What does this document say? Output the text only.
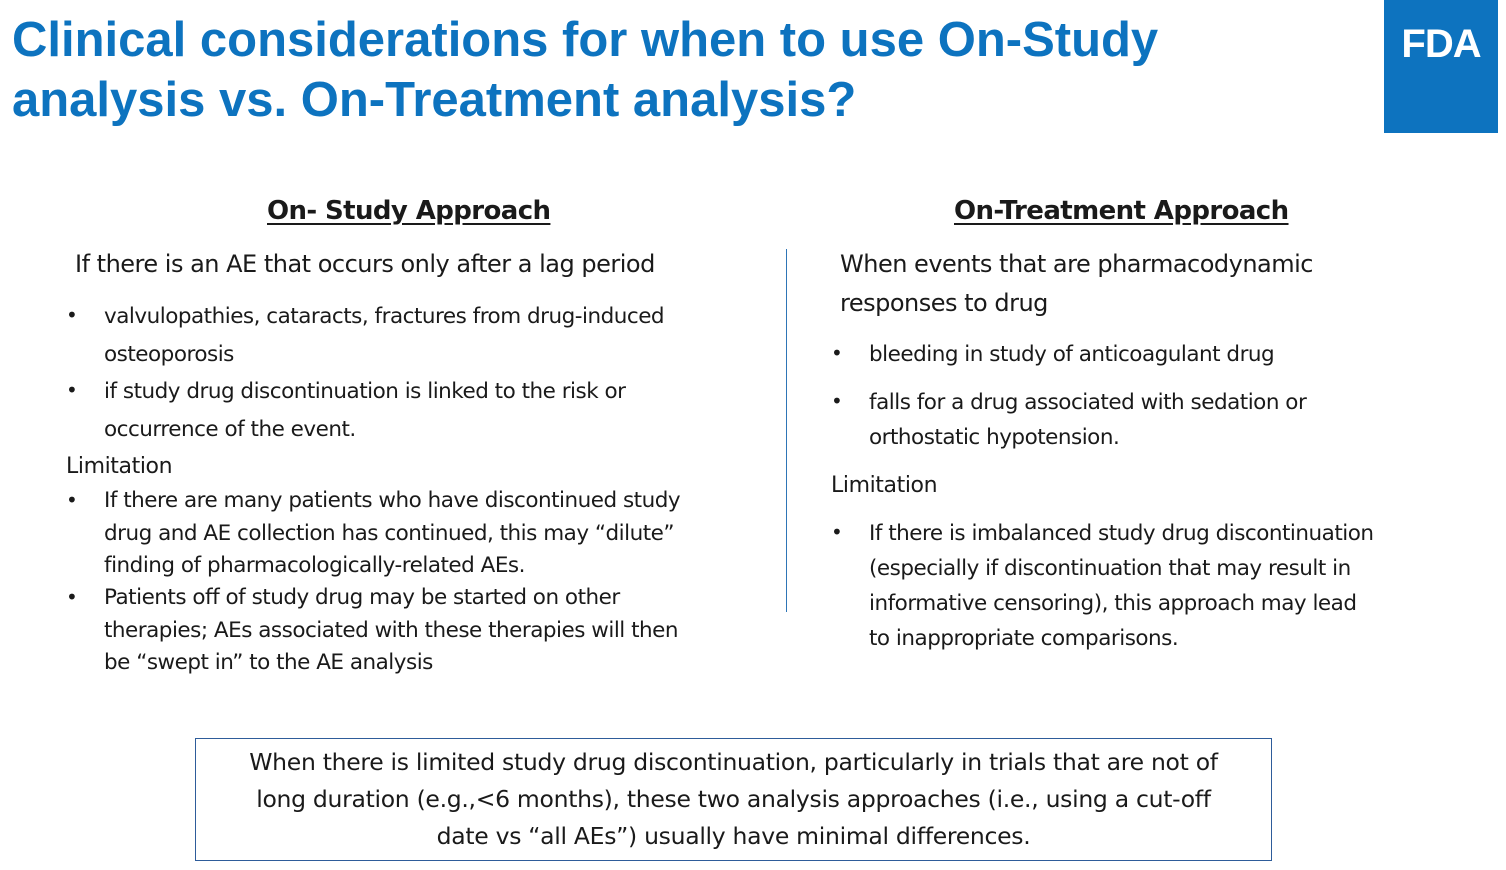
Clinical considerations for when to use On-Study
analysis vs. On-Treatment analysis?
FDA
On- Study Approach

If there is an AE that occurs only after a lag period

• valvulopathies, cataracts, fractures from drug-induced
osteoporosis
• if study drug discontinuation is linked to the risk or
occurrence of the event.

Limitation

• If there are many patients who have discontinued study
drug and AE collection has continued, this may “dilute”
finding of pharmacologically-related AEs.
• Patients off of study drug may be started on other
therapies; AEs associated with these therapies will then
be “swept in” to the AE analysis
On-Treatment Approach

When events that are pharmacodynamic
responses to drug

• bleeding in study of anticoagulant drug
• falls for a drug associated with sedation or
orthostatic hypotension.

Limitation

• If there is imbalanced study drug discontinuation
(especially if discontinuation that may result in
informative censoring), this approach may lead
to inappropriate comparisons.
When there is limited study drug discontinuation, particularly in trials that are not of
long duration (e.g.,<6 months), these two analysis approaches (i.e., using a cut-off
date vs “all AEs”) usually have minimal differences.
